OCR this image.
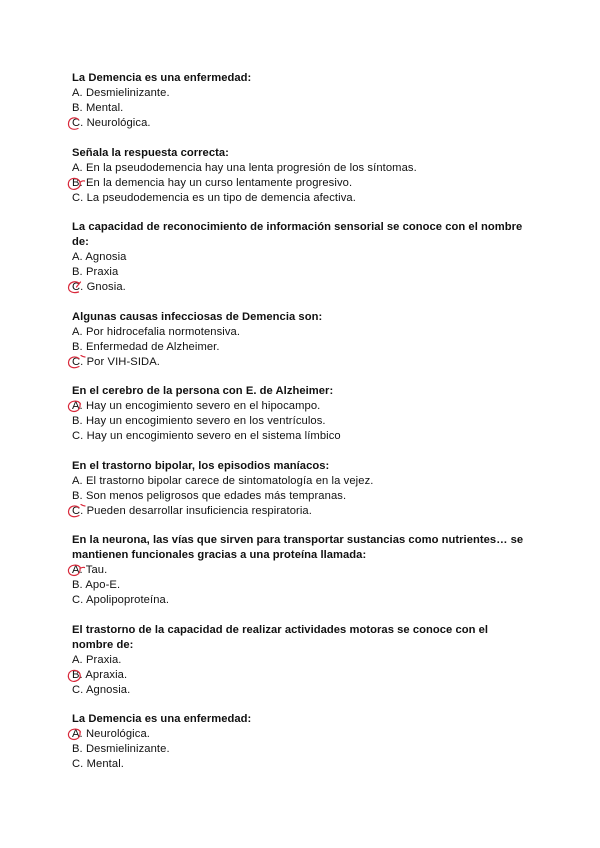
La Demencia es una enfermedad:

A. Desmielinizante.
B. Mental.
C. Neurológica.

Señala la respuesta correcta:

A. En la pseudodemencia hay una lenta progresión de los síntomas.
B. En la demencia hay un curso lentamente progresivo.
C. La pseudodemencia es un tipo de demencia afectiva.

La capacidad de reconocimiento de información sensorial se conoce con el nombre de:

A. Agnosia
B. Praxia
C. Gnosia.

Algunas causas infecciosas de Demencia son:

A. Por hidrocefalia normotensiva.
B. Enfermedad de Alzheimer.
C. Por VIH-SIDA.

En el cerebro de la persona con E. de Alzheimer:

A. Hay un encogimiento severo en el hipocampo.
B. Hay un encogimiento severo en los ventrículos.
C. Hay un encogimiento severo en el sistema límbico

En el trastorno bipolar, los episodios maníacos:

A. El trastorno bipolar carece de sintomatología en la vejez.
B. Son menos peligrosos que edades más tempranas.
C. Pueden desarrollar insuficiencia respiratoria.

En la neurona, las vías que sirven para transportar sustancias como nutrientes… se mantienen funcionales gracias a una proteína llamada:

A. Tau.
B. Apo-E.
C. Apolipoproteína.

El trastorno de la capacidad de realizar actividades motoras se conoce con el nombre de:

A. Praxia.
B. Apraxia.
C. Agnosia.

La Demencia es una enfermedad:

A. Neurológica.
B. Desmielinizante.
C. Mental.
